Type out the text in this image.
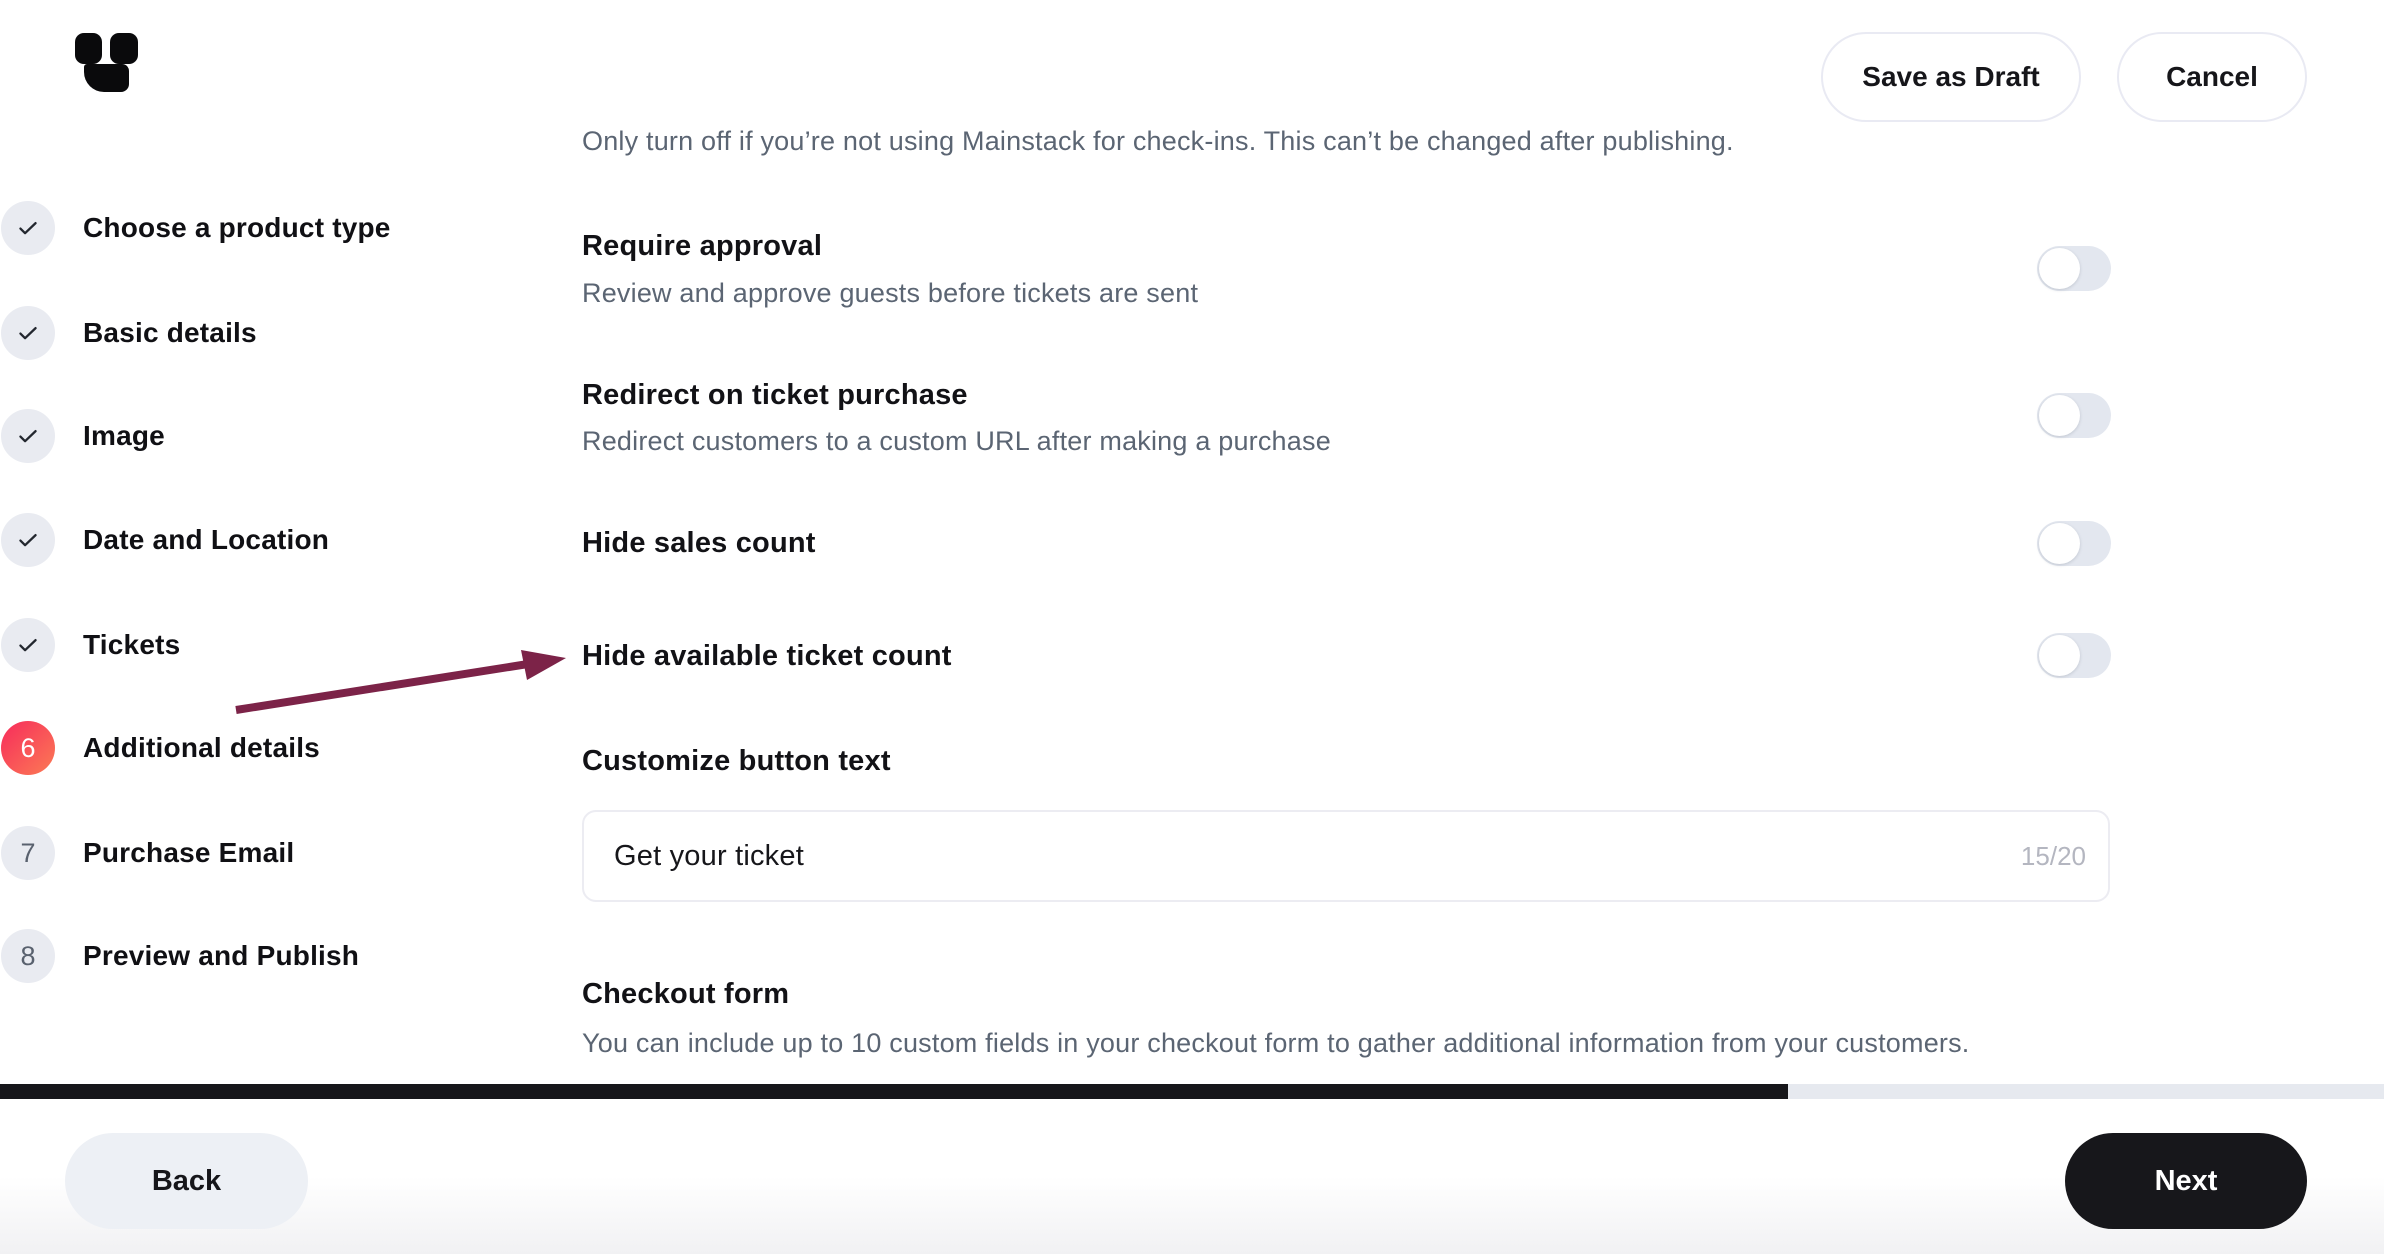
Save as Draft	Cancel
Choose a product type
Basic details
Image
Date and Location
Tickets
6 Additional details
7 Purchase Email
8 Preview and Publish
Only turn off if you’re not using Mainstack for check-ins. This can’t be changed after publishing.
Require approval
Review and approve guests before tickets are sent
Redirect on ticket purchase
Redirect customers to a custom URL after making a purchase
Hide sales count
Hide available ticket count
Customize button text
Get your ticket
15/20
Checkout form
You can include up to 10 custom fields in your checkout form to gather additional information from your customers.
Back	Next
